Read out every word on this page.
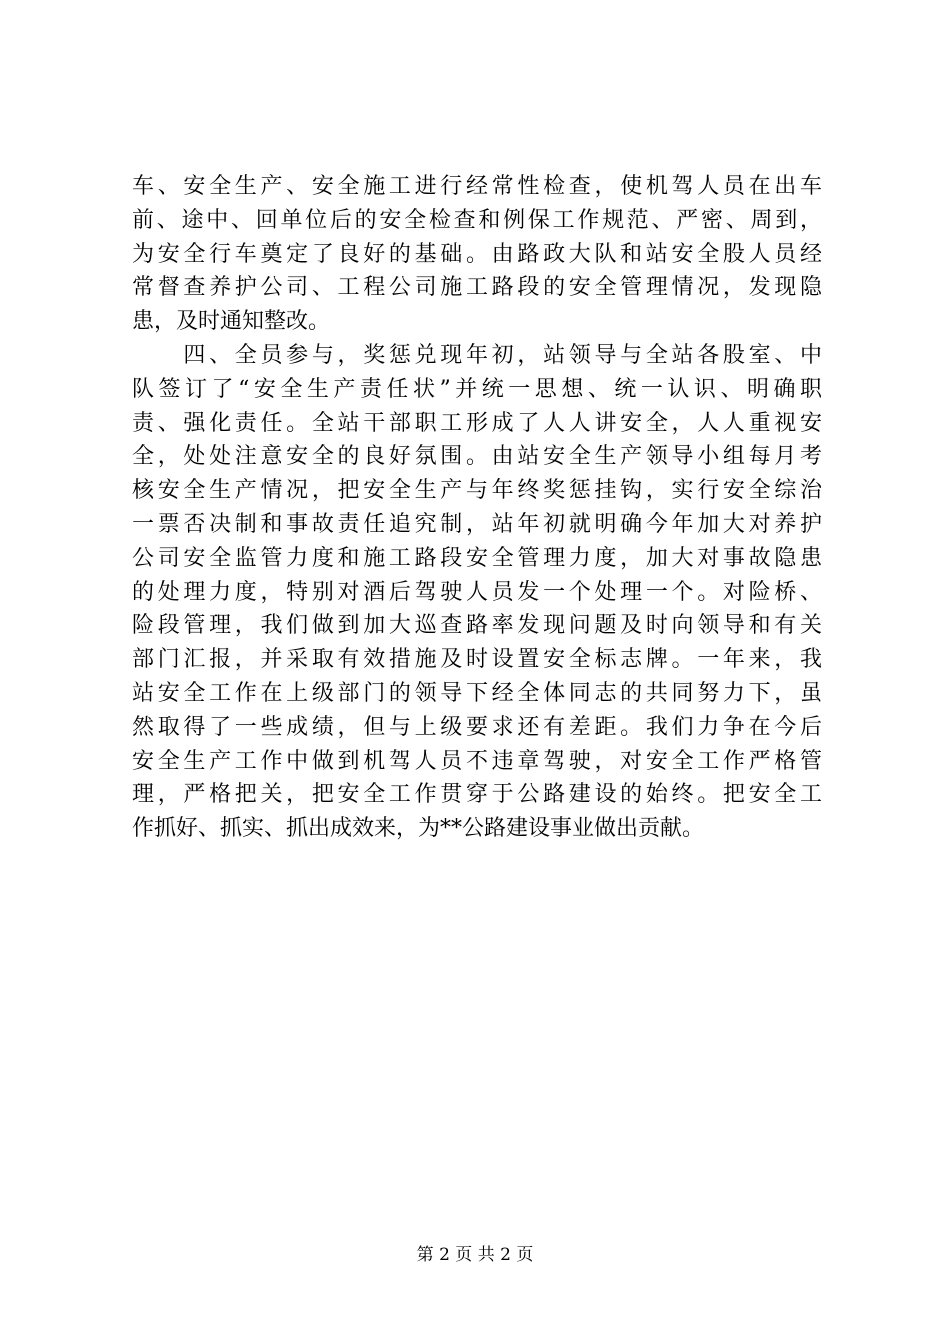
车、安全生产、安全施工进行经常性检查，使机驾人员在出车
前、途中、回单位后的安全检查和例保工作规范、严密、周到，
为安全行车奠定了良好的基础。由路政大队和站安全股人员经
常督查养护公司、工程公司施工路段的安全管理情况，发现隐
患，及时通知整改。
　　四、全员参与，奖惩兑现年初，站领导与全站各股室、中
队签订了“安全生产责任状”并统一思想、统一认识、明确职
责、强化责任。全站干部职工形成了人人讲安全，人人重视安
全，处处注意安全的良好氛围。由站安全生产领导小组每月考
核安全生产情况，把安全生产与年终奖惩挂钩，实行安全综治
一票否决制和事故责任追究制，站年初就明确今年加大对养护
公司安全监管力度和施工路段安全管理力度，加大对事故隐患
的处理力度，特别对酒后驾驶人员发一个处理一个。对险桥、
险段管理，我们做到加大巡查路率发现问题及时向领导和有关
部门汇报，并采取有效措施及时设置安全标志牌。一年来，我
站安全工作在上级部门的领导下经全体同志的共同努力下，虽
然取得了一些成绩，但与上级要求还有差距。我们力争在今后
安全生产工作中做到机驾人员不违章驾驶，对安全工作严格管
理，严格把关，把安全工作贯穿于公路建设的始终。把安全工
作抓好、抓实、抓出成效来，为**公路建设事业做出贡献。
第 2 页 共 2 页
